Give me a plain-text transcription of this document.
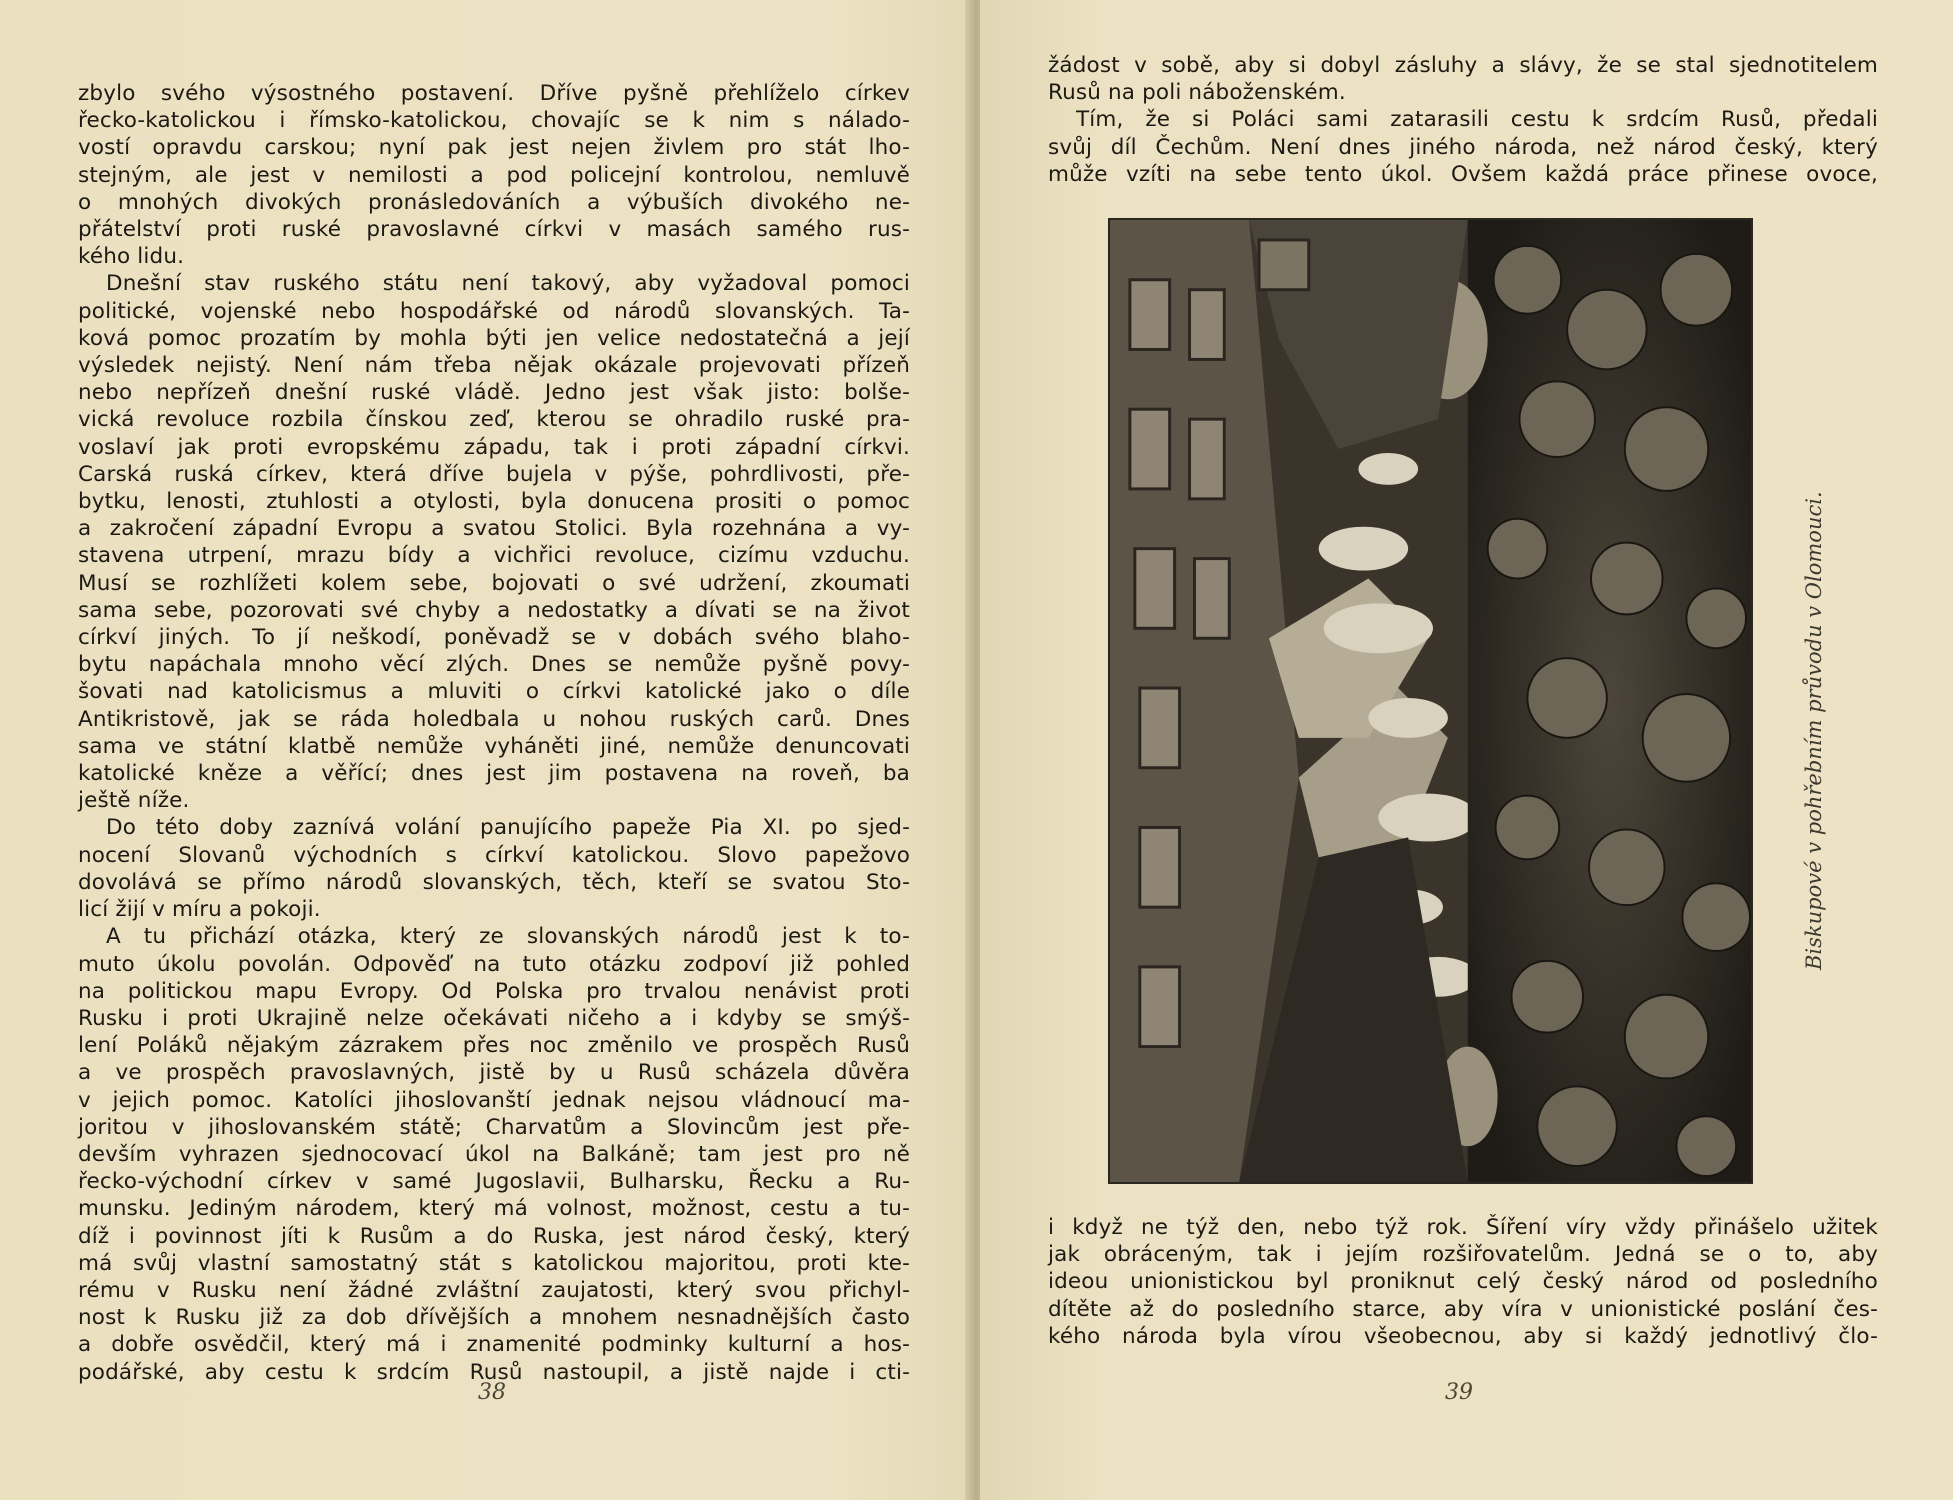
zbylo svého výsostného postavení. Dříve pyšně přehlíželo církev
řecko-katolickou i římsko-katolickou, chovajíc se k nim s nálado-
vostí opravdu carskou; nyní pak jest nejen živlem pro stát lho-
stejným, ale jest v nemilosti a pod policejní kontrolou, nemluvě
o mnohých divokých pronásledováních a výbuších divokého ne-
přátelství proti ruské pravoslavné církvi v masách samého rus-
kého lidu.
Dnešní stav ruského státu není takový, aby vyžadoval pomoci
politické, vojenské nebo hospodářské od národů slovanských. Ta-
ková pomoc prozatím by mohla býti jen velice nedostatečná a její
výsledek nejistý. Není nám třeba nějak okázale projevovati přízeň
nebo nepřízeň dnešní ruské vládě. Jedno jest však jisto: bolše-
vická revoluce rozbila čínskou zeď, kterou se ohradilo ruské pra-
voslaví jak proti evropskému západu, tak i proti západní církvi.
Carská ruská církev, která dříve bujela v pýše, pohrdlivosti, pře-
bytku, lenosti, ztuhlosti a otylosti, byla donucena prositi o pomoc
a zakročení západní Evropu a svatou Stolici. Byla rozehnána a vy-
stavena utrpení, mrazu bídy a vichřici revoluce, cizímu vzduchu.
Musí se rozhlížeti kolem sebe, bojovati o své udržení, zkoumati
sama sebe, pozorovati své chyby a nedostatky a dívati se na život
církví jiných. To jí neškodí, poněvadž se v dobách svého blaho-
bytu napáchala mnoho věcí zlých. Dnes se nemůže pyšně povy-
šovati nad katolicismus a mluviti o církvi katolické jako o díle
Antikristově, jak se ráda holedbala u nohou ruských carů. Dnes
sama ve státní klatbě nemůže vyháněti jiné, nemůže denuncovati
katolické kněze a věřící; dnes jest jim postavena na roveň, ba
ještě níže.
Do této doby zaznívá volání panujícího papeže Pia XI. po sjed-
nocení Slovanů východních s církví katolickou. Slovo papežovo
dovolává se přímo národů slovanských, těch, kteří se svatou Sto-
licí žijí v míru a pokoji.
A tu přichází otázka, který ze slovanských národů jest k to-
muto úkolu povolán. Odpověď na tuto otázku zodpoví již pohled
na politickou mapu Evropy. Od Polska pro trvalou nenávist proti
Rusku i proti Ukrajině nelze očekávati ničeho a i kdyby se smýš-
lení Poláků nějakým zázrakem přes noc změnilo ve prospěch Rusů
a ve prospěch pravoslavných, jistě by u Rusů scházela důvěra
v jejich pomoc. Katolíci jihoslovanští jednak nejsou vládnoucí ma-
joritou v jihoslovanském státě; Charvatům a Slovincům jest pře-
devším vyhrazen sjednocovací úkol na Balkáně; tam jest pro ně
řecko-východní církev v samé Jugoslavii, Bulharsku, Řecku a Ru-
munsku. Jediným národem, který má volnost, možnost, cestu a tu-
díž i povinnost jíti k Rusům a do Ruska, jest národ český, který
má svůj vlastní samostatný stát s katolickou majoritou, proti kte-
rému v Rusku není žádné zvláštní zaujatosti, který svou přichyl-
nost k Rusku již za dob dřívějších a mnohem nesnadnějších často
a dobře osvědčil, který má i znamenité podminky kulturní a hos-
podářské, aby cestu k srdcím Rusů nastoupil, a jistě najde i cti-
38
žádost v sobě, aby si dobyl zásluhy a slávy, že se stal sjednotitelem
Rusů na poli náboženském.
Tím, že si Poláci sami zatarasili cestu k srdcím Rusů, předali
svůj díl Čechům. Není dnes jiného národa, než národ český, který
může vzíti na sebe tento úkol. Ovšem každá práce přinese ovoce,
Biskupové v pohřebním průvodu v Olomouci.
i když ne týž den, nebo týž rok. Šíření víry vždy přinášelo užitek
jak obráceným, tak i jejím rozšiřovatelům. Jedná se o to, aby
ideou unionistickou byl proniknut celý český národ od posledního
dítěte až do posledního starce, aby víra v unionistické poslání čes-
kého národa byla vírou všeobecnou, aby si každý jednotlivý člo-
39
